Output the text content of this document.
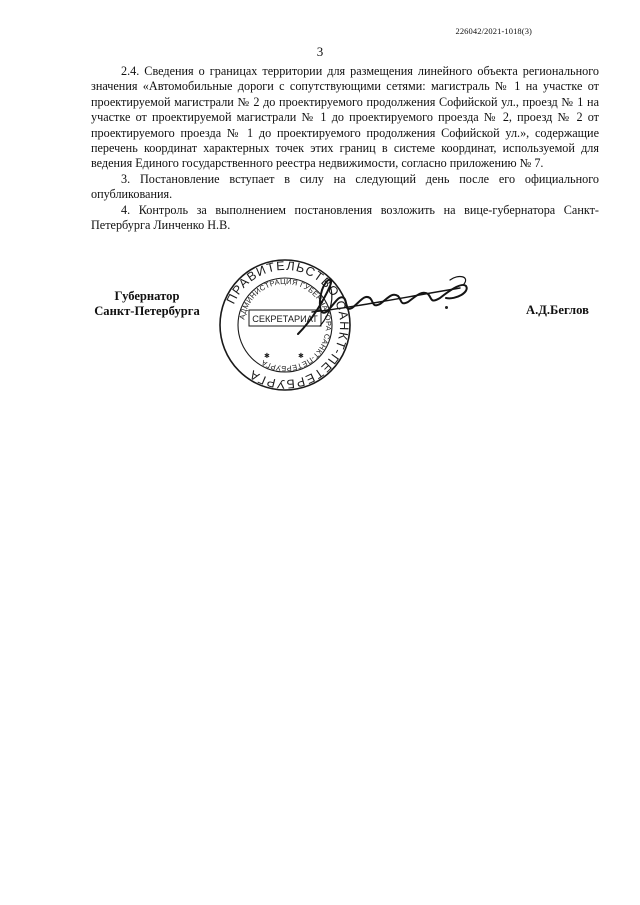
226042/2021-1018(3)
3

2.4. Сведения о границах территории для размещения линейного объекта регионального значения «Автомобильные дороги с сопутствующими сетями: магистраль № 1 на участке от проектируемой магистрали № 2 до проектируемого продолжения Софийской ул., проезд № 1 на участке от проектируемой магистрали № 1 до проектируемого проезда № 2, проезд № 2 от проектируемого проезда № 1 до проектируемого продолжения Софийской ул.», содержащие перечень координат характерных точек этих границ в системе координат, используемой для ведения Единого государственного реестра недвижимости, согласно приложению № 7.

3. Постановление вступает в силу на следующий день после его официального опубликования.

4. Контроль за выполнением постановления возложить на вице-губернатора Санкт-Петербурга Линченко Н.В.

Губернатор
Санкт-Петербурга
ПРАВИТЕЛЬСТВО САНКТ-ПЕТЕРБУРГА
АДМИНИСТРАЦИЯ ГУБЕРНАТОРА САНКТ-ПЕТЕРБУРГА
СЕКРЕТАРИАТ
✱	✱
А.Д.Беглов
